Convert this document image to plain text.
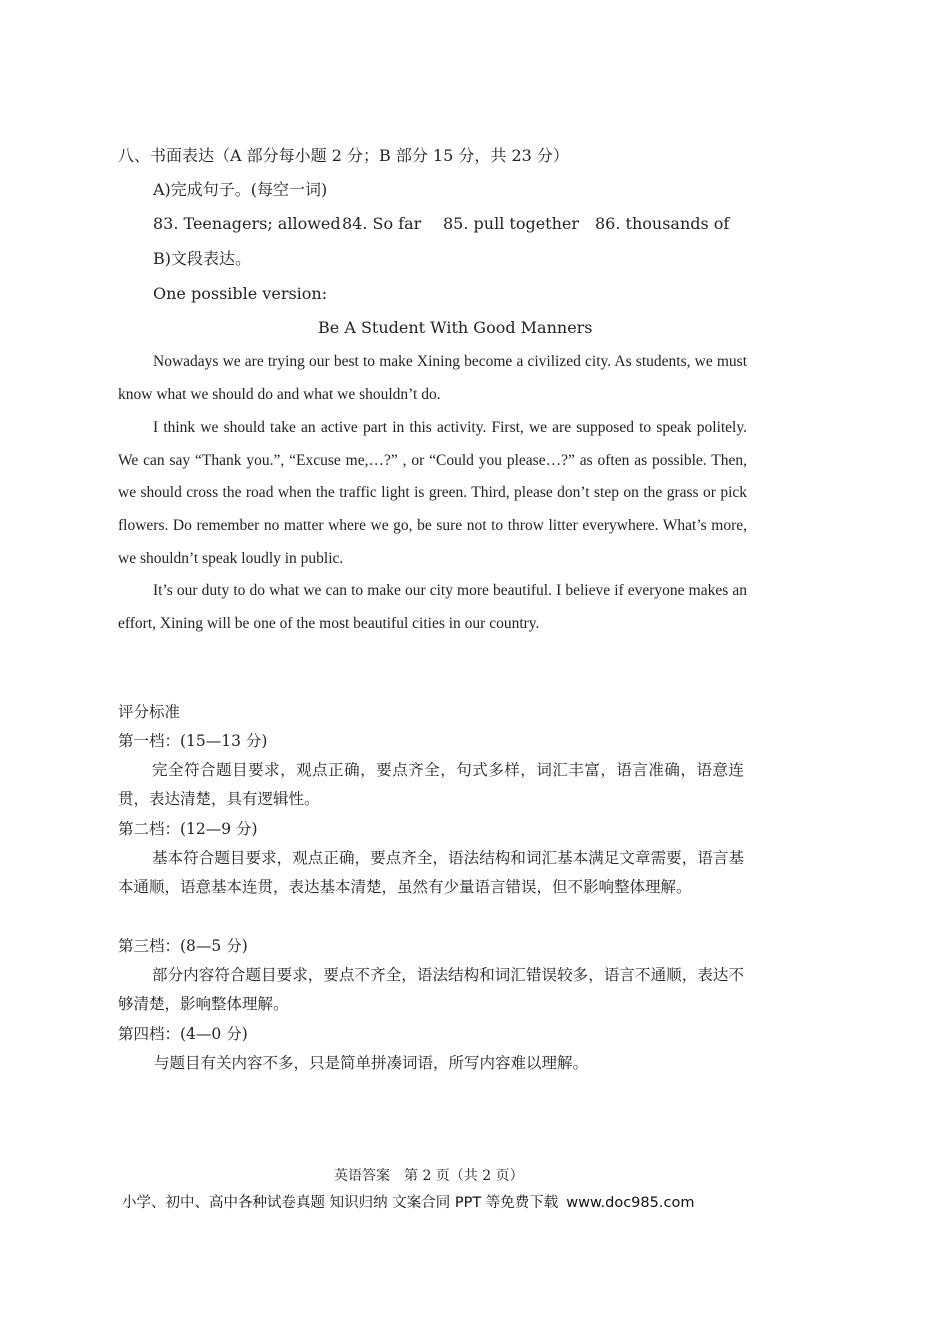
八、书面表达（A 部分每小题 2 分；B 部分 15 分，共 23 分）
A)完成句子。(每空一词)
83. Teenagers; allowed84. So far 85. pull together 86. thousands of
B)文段表达。
One possible version:
Be A Student With Good Manners
Nowadays we are trying our best to make Xining become a civilized city. As students, we must know what we should do and what we shouldn’t do.
I think we should take an active part in this activity. First, we are supposed to speak politely. We can say “Thank you.”, “Excuse me,…?” , or “Could you please…?” as often as possible. Then, we should cross the road when the traffic light is green. Third, please don’t step on the grass or pick flowers. Do remember no matter where we go, be sure not to throw litter everywhere. What’s more, we shouldn’t speak loudly in public.
It’s our duty to do what we can to make our city more beautiful. I believe if everyone makes an effort, Xining will be one of the most beautiful cities in our country.
评分标准
第一档：(15—13 分)
完全符合题目要求，观点正确，要点齐全，句式多样，词汇丰富，语言准确，语意连贯，表达清楚，具有逻辑性。
第二档：(12—9 分)
基本符合题目要求，观点正确，要点齐全，语法结构和词汇基本满足文章需要，语言基本通顺，语意基本连贯，表达基本清楚，虽然有少量语言错误，但不影响整体理解。
第三档：(8—5 分)
部分内容符合题目要求，要点不齐全，语法结构和词汇错误较多，语言不通顺，表达不够清楚，影响整体理解。
第四档：(4—0 分)
与题目有关内容不多，只是简单拼凑词语，所写内容难以理解。
英语答案　第 2 页（共 2 页）
小学、初中、高中各种试卷真题 知识归纳 文案合同 PPT 等免费下载 www.doc985.com
